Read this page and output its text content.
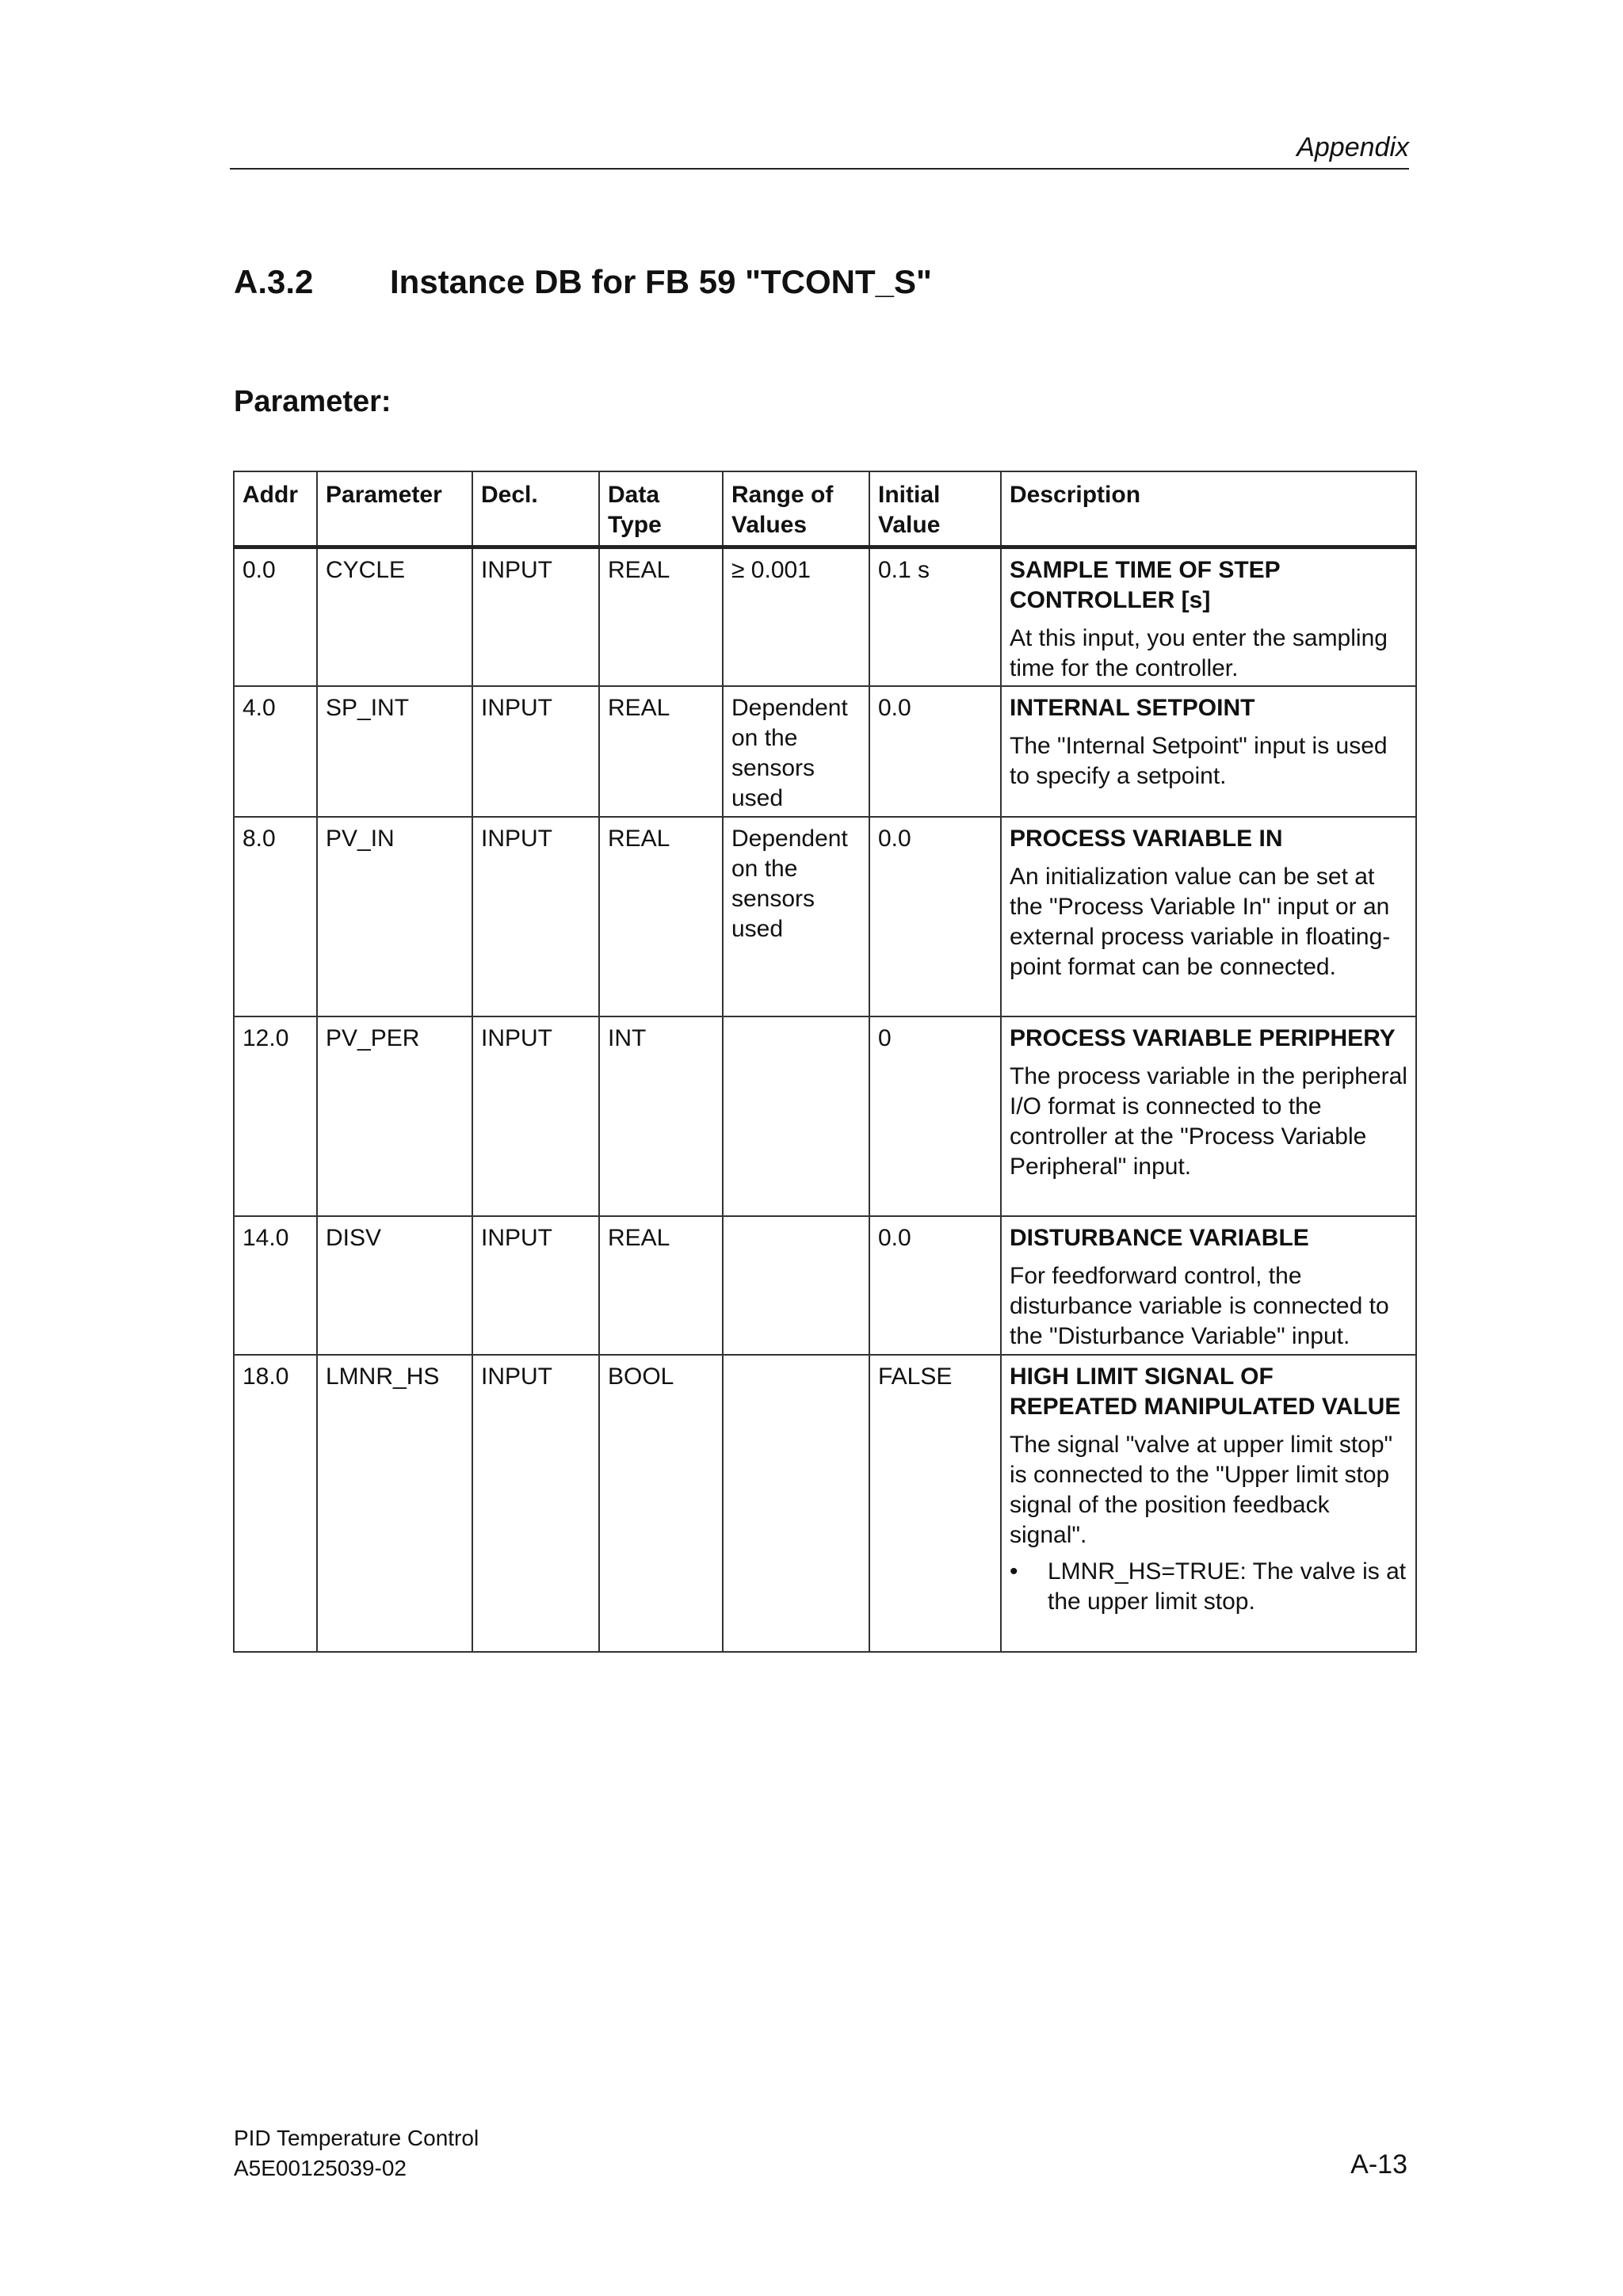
Appendix
A.3.2 Instance DB for FB 59 "TCONT_S"
Parameter:
Addr	Parameter	Decl.	Data Type	Range of Values	Initial Value	Description
0.0	CYCLE	INPUT	REAL	≥ 0.001	0.1 s	SAMPLE TIME OF STEP CONTROLLER [s]

At this input, you enter the sampling time for the controller.

4.0	SP_INT	INPUT	REAL	Dependent on the sensors used	0.0	INTERNAL SETPOINT

The "Internal Setpoint" input is used to specify a setpoint.

8.0	PV_IN	INPUT	REAL	Dependent on the sensors used	0.0	PROCESS VARIABLE IN

An initialization value can be set at the "Process Variable In" input or an external process variable in floating-point format can be connected.

12.0	PV_PER	INPUT	INT		0	PROCESS VARIABLE PERIPHERY

The process variable in the peripheral I/O format is connected to the controller at the "Process Variable Peripheral" input.

14.0	DISV	INPUT	REAL		0.0	DISTURBANCE VARIABLE

For feedforward control, the disturbance variable is connected to the "Disturbance Variable" input.

18.0	LMNR_HS	INPUT	BOOL		FALSE	HIGH LIMIT SIGNAL OF REPEATED MANIPULATED VALUE

The signal "valve at upper limit stop" is connected to the "Upper limit stop signal of the position feedback signal".

• LMNR_HS=TRUE: The valve is at the upper limit stop.
PID Temperature Control
A5E00125039-02	A-13
